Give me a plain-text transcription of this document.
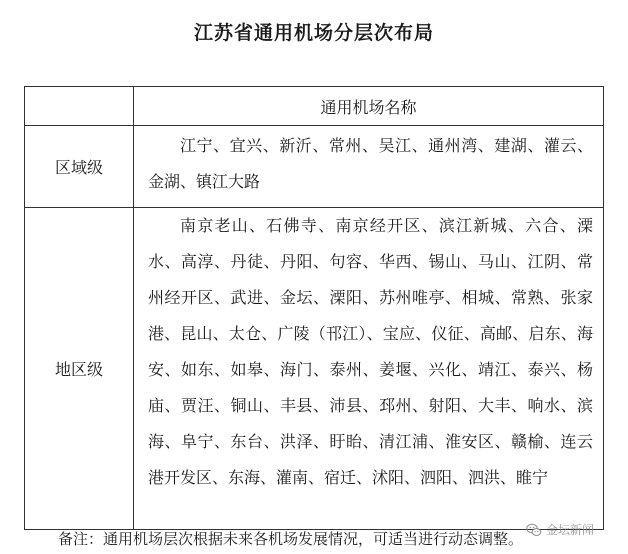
江苏省通用机场分层次布局
	通用机场名称
区域级	江宁、宜兴、新沂、常州、吴江、通州湾、建湖、灌云、金湖、镇江大路

地区级	南京老山、石佛寺、南京经开区、滨江新城、六合、溧水、高淳、丹徒、丹阳、句容、华西、锡山、马山、江阴、常州经开区、武进、金坛、溧阳、苏州唯亭、相城、常熟、张家港、昆山、太仓、广陵（邗江）、宝应、仪征、高邮、启东、海安、如东、如皋、海门、泰州、姜堰、兴化、靖江、泰兴、杨庙、贾汪、铜山、丰县、沛县、邳州、射阳、大丰、响水、滨海、阜宁、东台、洪泽、盱眙、清江浦、淮安区、赣榆、连云港开发区、东海、灌南、宿迁、沭阳、泗阳、泗洪、睢宁
备注：通用机场层次根据未来各机场发展情况，可适当进行动态调整。 金坛新闻
